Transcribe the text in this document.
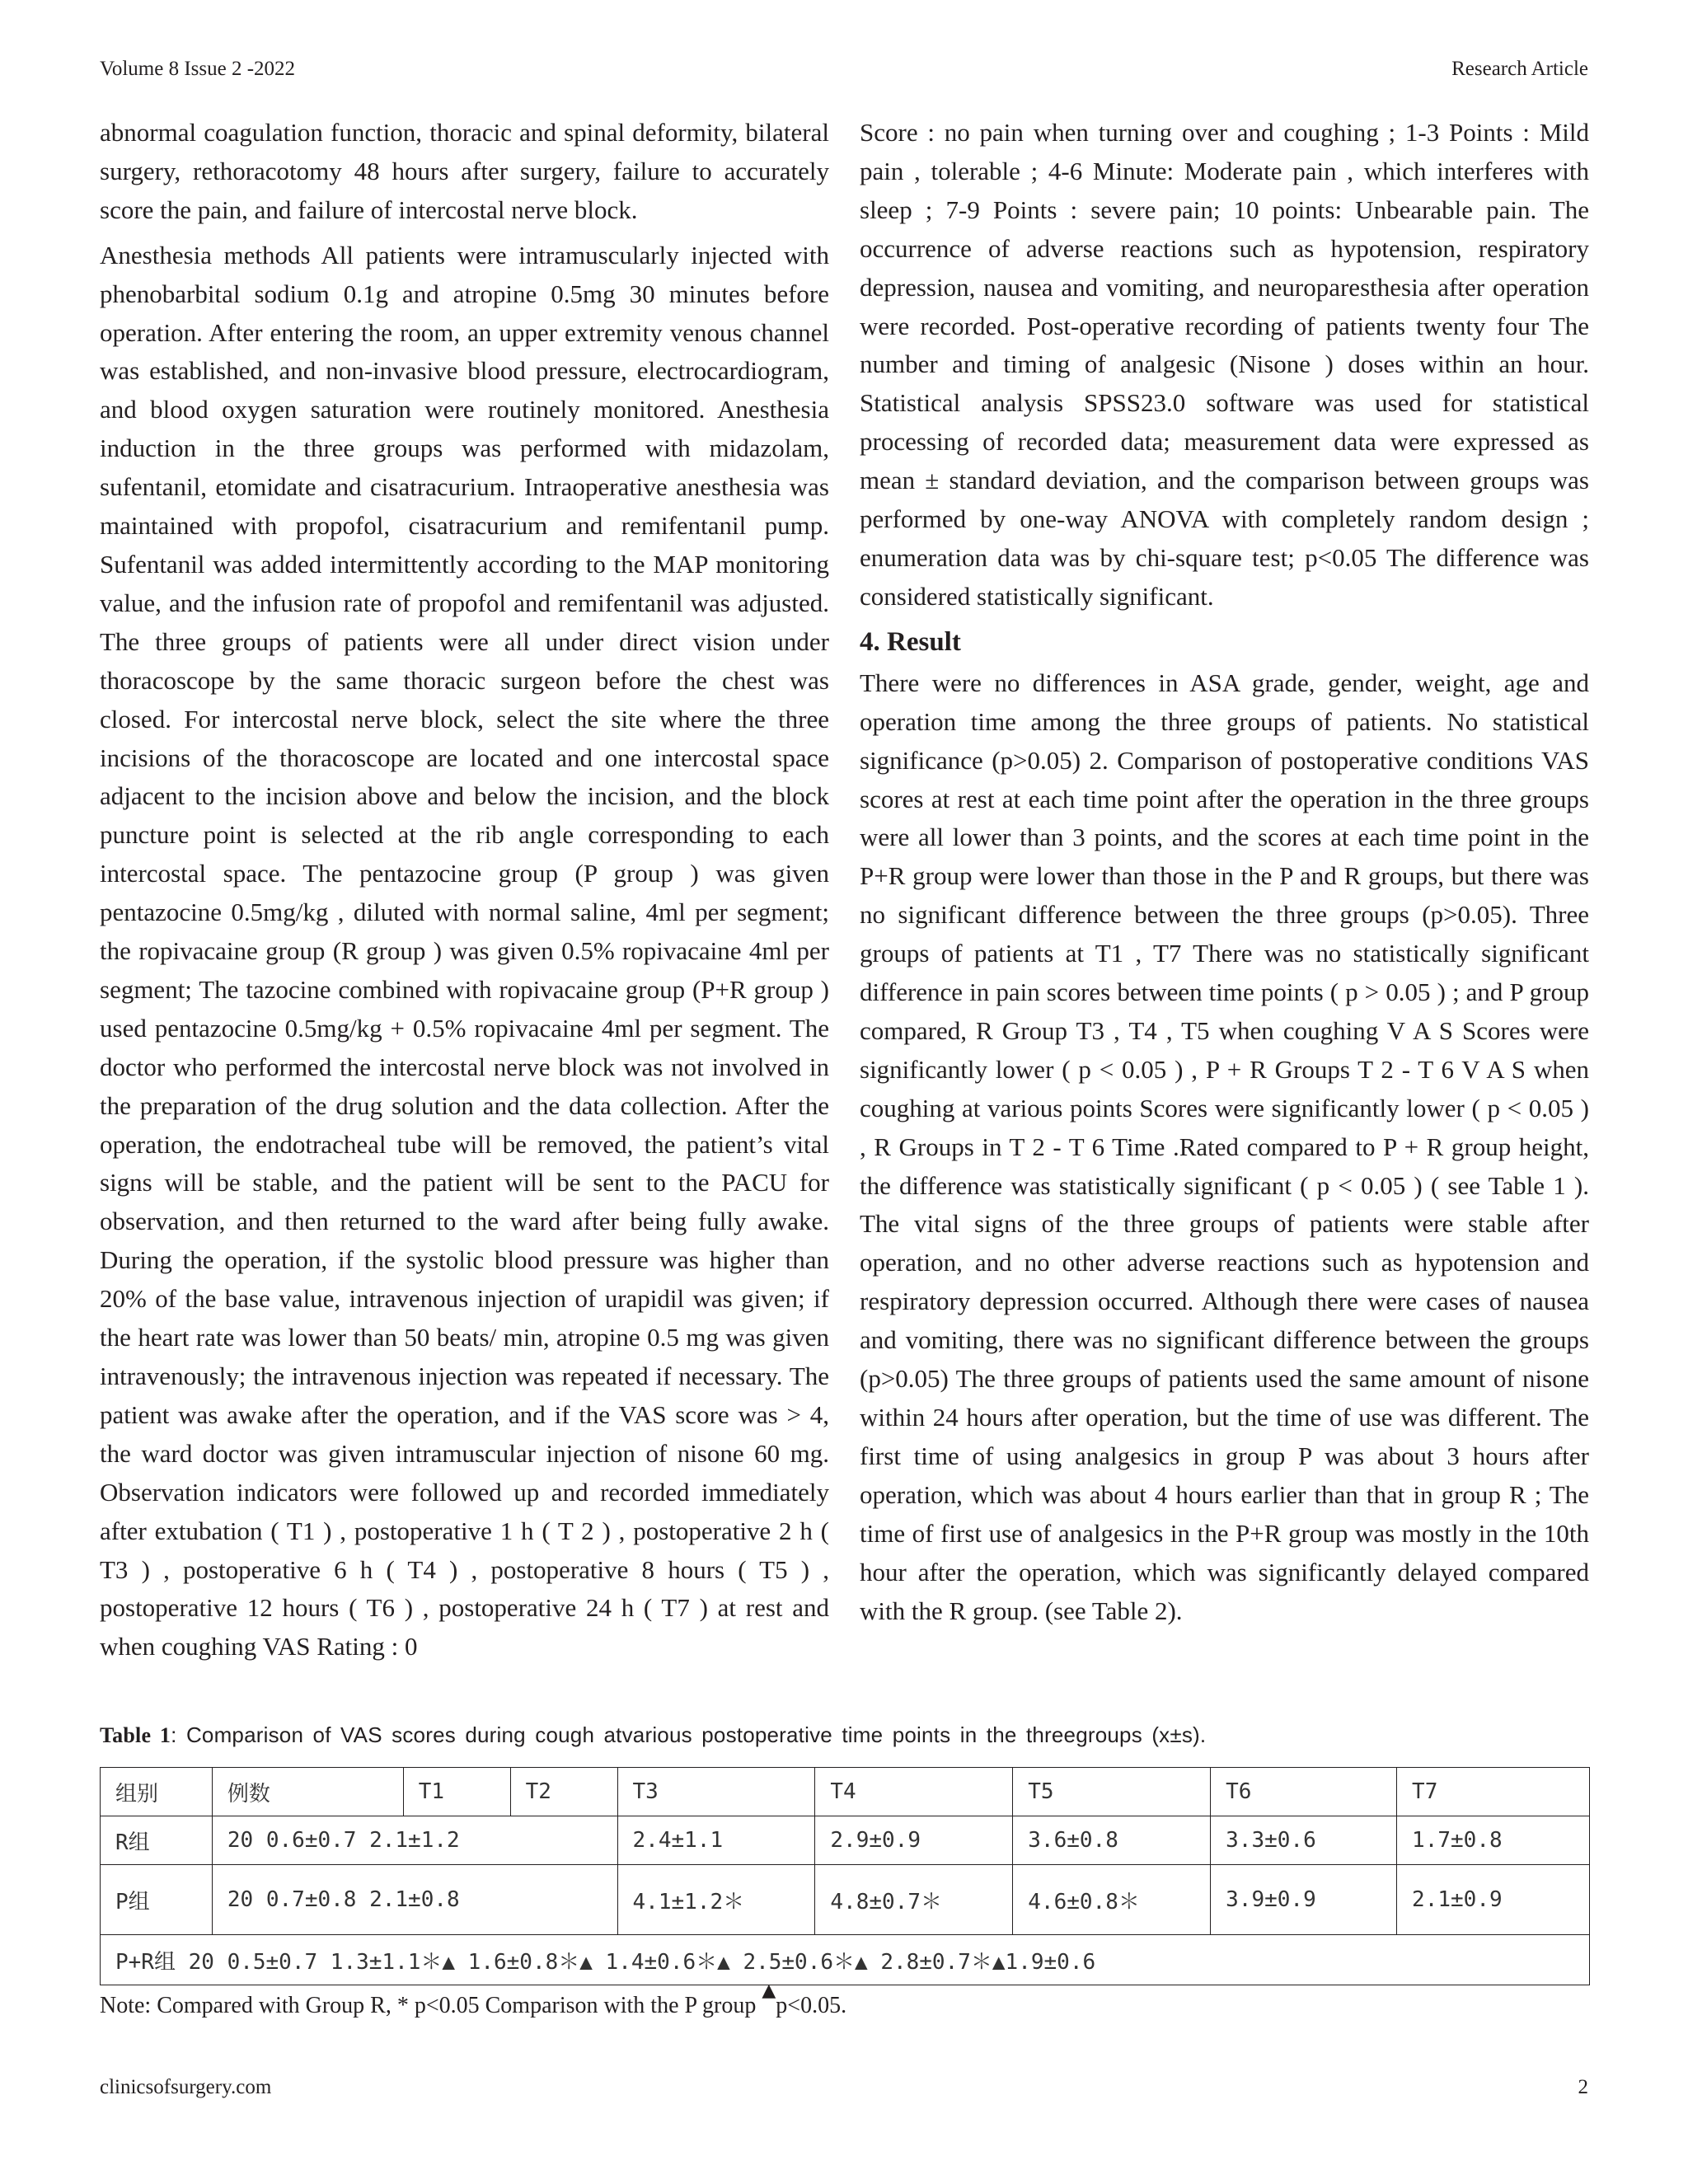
Volume 8 Issue 2 -2022	Research Article

abnormal coagulation function, thoracic and spinal deformity, bilateral surgery, rethoracotomy 48 hours after surgery, failure to accurately score the pain, and failure of intercostal nerve block.

Anesthesia methods All patients were intramuscularly injected with phenobarbital sodium 0.1g and atropine 0.5mg 30 minutes before operation. After entering the room, an upper extremity venous channel was established, and non-invasive blood pressure, electrocardiogram, and blood oxygen saturation were routinely monitored. Anesthesia induction in the three groups was performed with midazolam, sufentanil, etomidate and cisatracurium. Intraoperative anesthesia was maintained with propofol, cisatracurium and remifentanil pump. Sufentanil was added intermittently according to the MAP monitoring value, and the infusion rate of propofol and remifentanil was adjusted. The three groups of patients were all under direct vision under thoracoscope by the same thoracic surgeon before the chest was closed. For intercostal nerve block, select the site where the three incisions of the thoracoscope are located and one intercostal space adjacent to the incision above and below the incision, and the block puncture point is selected at the rib angle corresponding to each intercostal space. The pentazocine group (P group ) was given pentazocine 0.5mg/kg , diluted with normal saline, 4ml per segment; the ropivacaine group (R group ) was given 0.5% ropivacaine 4ml per segment; The tazocine combined with ropivacaine group (P+R group ) used pentazocine 0.5mg/kg + 0.5% ropivacaine 4ml per segment. The doctor who performed the intercostal nerve block was not involved in the preparation of the drug solution and the data collection. After the operation, the endotracheal tube will be removed, the patient’s vital signs will be stable, and the patient will be sent to the PACU for observation, and then returned to the ward after being fully awake. During the operation, if the systolic blood pressure was higher than 20% of the base value, intravenous injection of urapidil was given; if the heart rate was lower than 50 beats/ min, atropine 0.5 mg was given intravenously; the intravenous injection was repeated if necessary. The patient was awake after the operation, and if the VAS score was > 4, the ward doctor was given intramuscular injection of nisone 60 mg. Observation indicators were followed up and recorded immediately after extubation ( T1 ) , postoperative 1 h ( T 2 ) , postoperative 2 h ( T3 ) , postoperative 6 h ( T4 ) , postoperative 8 hours ( T5 ) , postoperative 12 hours ( T6 ) , postoperative 24 h ( T7 ) at rest and when coughing VAS Rating : 0

Score : no pain when turning over and coughing ; 1-3 Points : Mild pain , tolerable ; 4-6 Minute: Moderate pain , which interferes with sleep ; 7-9 Points : severe pain; 10 points: Unbearable pain. The occurrence of adverse reactions such as hypotension, respiratory depression, nausea and vomiting, and neuroparesthesia after operation were recorded. Post-operative recording of patients twenty four The number and timing of analgesic (Nisone ) doses within an hour. Statistical analysis SPSS23.0 software was used for statistical processing of recorded data; measurement data were expressed as mean ± standard deviation, and the comparison between groups was performed by one-way ANOVA with completely random design ; enumeration data was by chi-square test; p<0.05 The difference was considered statistically significant.

4. Result

There were no differences in ASA grade, gender, weight, age and operation time among the three groups of patients. No statistical significance (p>0.05) 2. Comparison of postoperative conditions VAS scores at rest at each time point after the operation in the three groups were all lower than 3 points, and the scores at each time point in the P+R group were lower than those in the P and R groups, but there was no significant difference between the three groups (p>0.05). Three groups of patients at T1 , T7 There was no statistically significant difference in pain scores between time points ( p > 0.05 ) ; and P group compared, R Group T3 , T4 , T5 when coughing V A S Scores were significantly lower ( p < 0.05 ) , P + R Groups T 2 - T 6 V A S when coughing at various points Scores were significantly lower ( p < 0.05 ) , R Groups in T 2 - T 6 Time .Rated compared to P + R group height, the difference was statistically significant ( p < 0.05 ) ( see Table 1 ). The vital signs of the three groups of patients were stable after operation, and no other adverse reactions such as hypotension and respiratory depression occurred. Although there were cases of nausea and vomiting, there was no significant difference between the groups (p>0.05) The three groups of patients used the same amount of nisone within 24 hours after operation, but the time of use was different. The first time of using analgesics in group P was about 3 hours after operation, which was about 4 hours earlier than that in group R ; The time of first use of analgesics in the P+R group was mostly in the 10th hour after the operation, which was significantly delayed compared with the R group. (see Table 2).

Table 1: Comparison of VAS scores during cough atvarious postoperative time points in the threegroups (x±s).
组别	例数	T1	T2	T3	T4	T5	T6	T7
R组	20 0.6±0.7 2.1±1.2			2.4±1.1	2.9±0.9	3.6±0.8	3.3±0.6	1.7±0.8
P组	20 0.7±0.8 2.1±0.8			4.1±1.2＊	4.8±0.7＊	4.6±0.8＊	3.9±0.9	2.1±0.9
P+R组 20 0.5±0.7 1.3±1.1＊▲ 1.6±0.8＊▲ 1.4±0.6＊▲ 2.5±0.6＊▲ 2.8±0.7＊▲1.9±0.6								
Note: Compared with Group R, * p<0.05 Comparison with the P group ▲p<0.05.
clinicsofsurgery.com	2
